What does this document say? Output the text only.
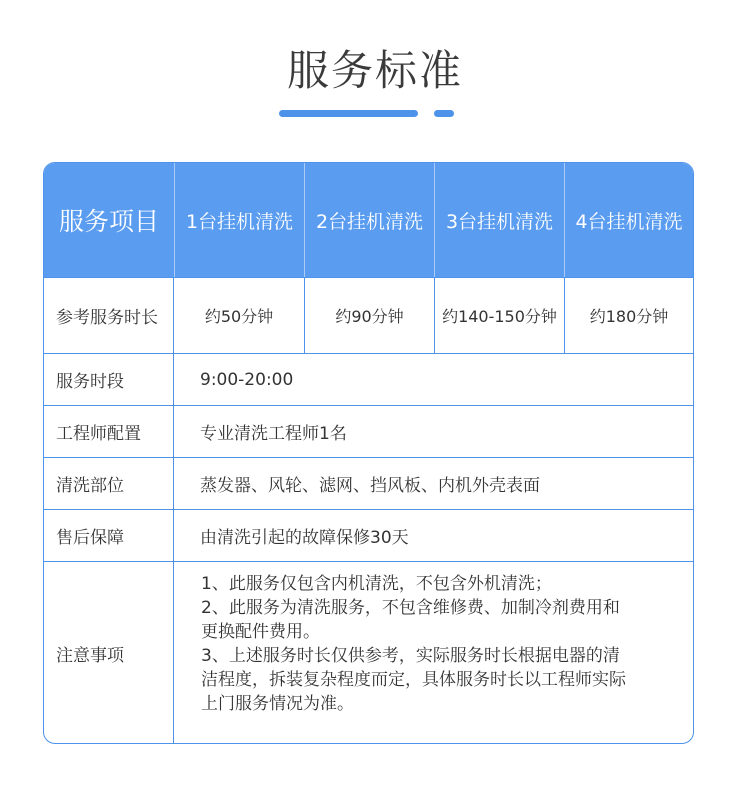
服务标准
服务项目	1台挂机清洗	2台挂机清洗	3台挂机清洗	4台挂机清洗
参考服务时长	约50分钟	约90分钟	约140-150分钟	约180分钟
服务时段	9:00-20:00
工程师配置	专业清洗工程师1名
清洗部位	蒸发器、风轮、滤网、挡风板、内机外壳表面
售后保障	由清洗引起的故障保修30天
注意事项
1、此服务仅包含内机清洗，不包含外机清洗；
2、此服务为清洗服务，不包含维修费、加制冷剂费用和
更换配件费用。
3、上述服务时长仅供参考，实际服务时长根据电器的清
洁程度，拆装复杂程度而定，具体服务时长以工程师实际
上门服务情况为准。
